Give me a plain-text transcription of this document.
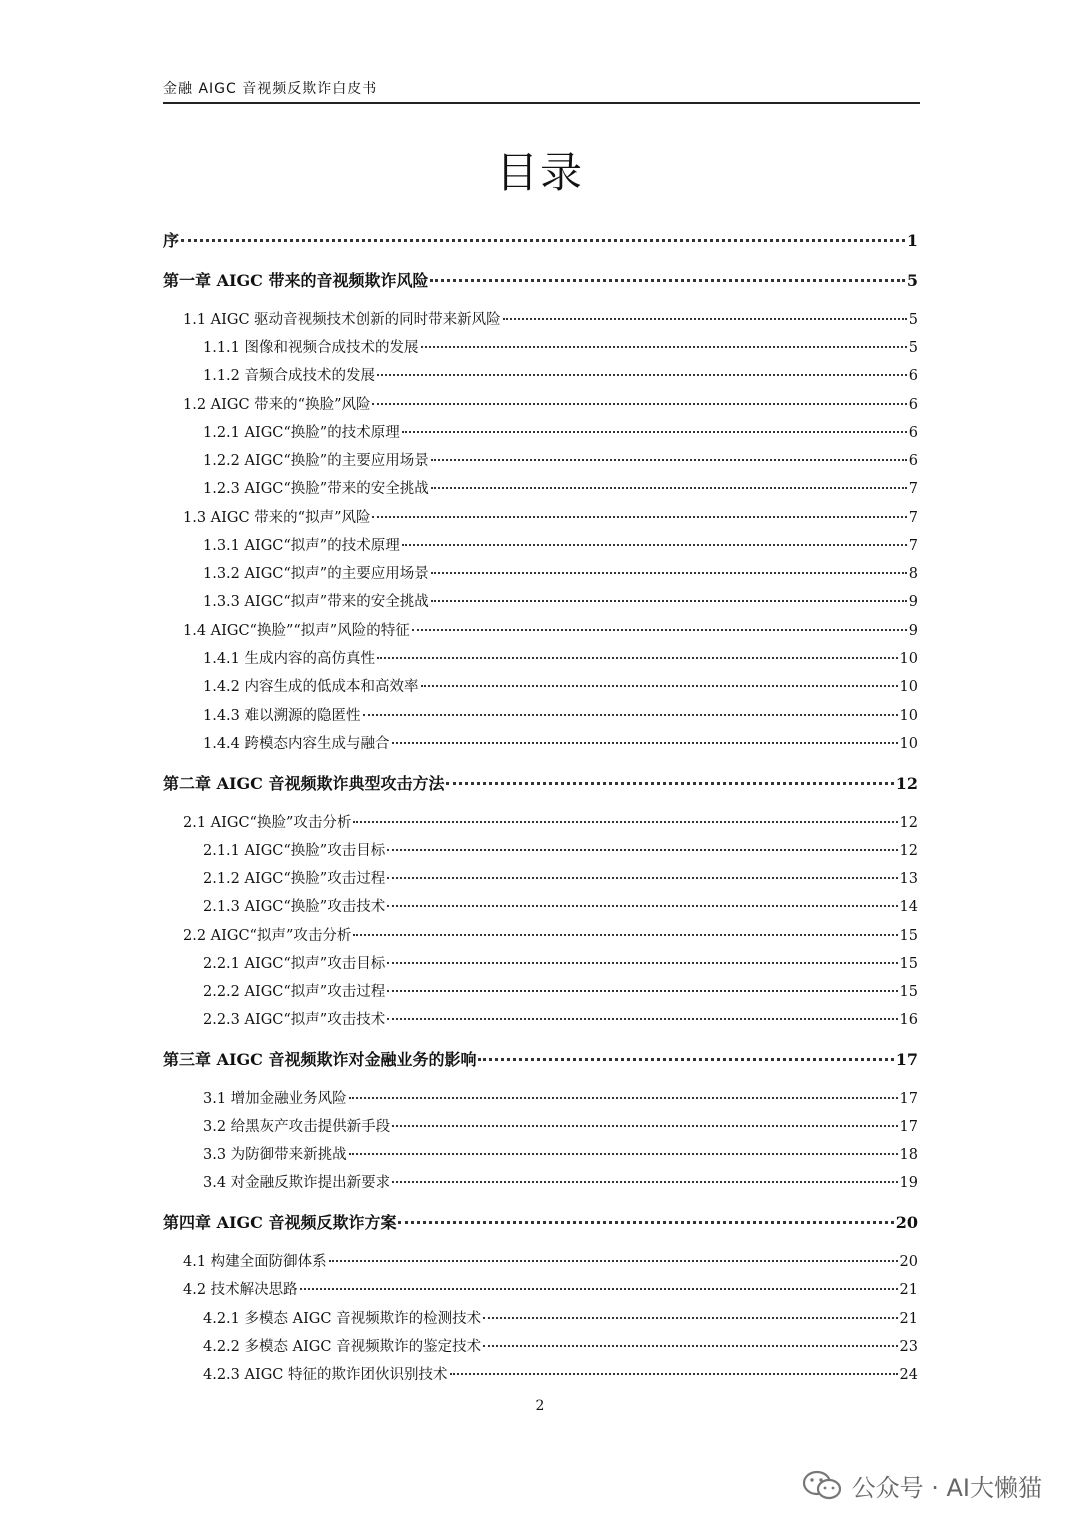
金融 AIGC 音视频反欺诈白皮书
目录
序	1
第一章 AIGC 带来的音视频欺诈风险	5
1.1 AIGC 驱动音视频技术创新的同时带来新风险	5
1.1.1 图像和视频合成技术的发展	5
1.1.2 音频合成技术的发展	6
1.2 AIGC 带来的“换脸”风险	6
1.2.1 AIGC“换脸”的技术原理	6
1.2.2 AIGC“换脸”的主要应用场景	6
1.2.3 AIGC“换脸”带来的安全挑战	7
1.3 AIGC 带来的“拟声”风险	7
1.3.1 AIGC“拟声”的技术原理	7
1.3.2 AIGC“拟声”的主要应用场景	8
1.3.3 AIGC“拟声”带来的安全挑战	9
1.4 AIGC“换脸”“拟声”风险的特征	9
1.4.1 生成内容的高仿真性	10
1.4.2 内容生成的低成本和高效率	10
1.4.3 难以溯源的隐匿性	10
1.4.4 跨模态内容生成与融合	10
第二章 AIGC 音视频欺诈典型攻击方法	12
2.1 AIGC“换脸”攻击分析	12
2.1.1 AIGC“换脸”攻击目标	12
2.1.2 AIGC“换脸”攻击过程	13
2.1.3 AIGC“换脸”攻击技术	14
2.2 AIGC“拟声”攻击分析	15
2.2.1 AIGC“拟声”攻击目标	15
2.2.2 AIGC“拟声”攻击过程	15
2.2.3 AIGC“拟声”攻击技术	16
第三章 AIGC 音视频欺诈对金融业务的影响	17
3.1 增加金融业务风险	17
3.2 给黑灰产攻击提供新手段	17
3.3 为防御带来新挑战	18
3.4 对金融反欺诈提出新要求	19
第四章 AIGC 音视频反欺诈方案	20
4.1 构建全面防御体系	20
4.2 技术解决思路	21
4.2.1 多模态 AIGC 音视频欺诈的检测技术	21
4.2.2 多模态 AIGC 音视频欺诈的鉴定技术	23
4.2.3 AIGC 特征的欺诈团伙识别技术	24
2
公众号 · AI大懒猫
